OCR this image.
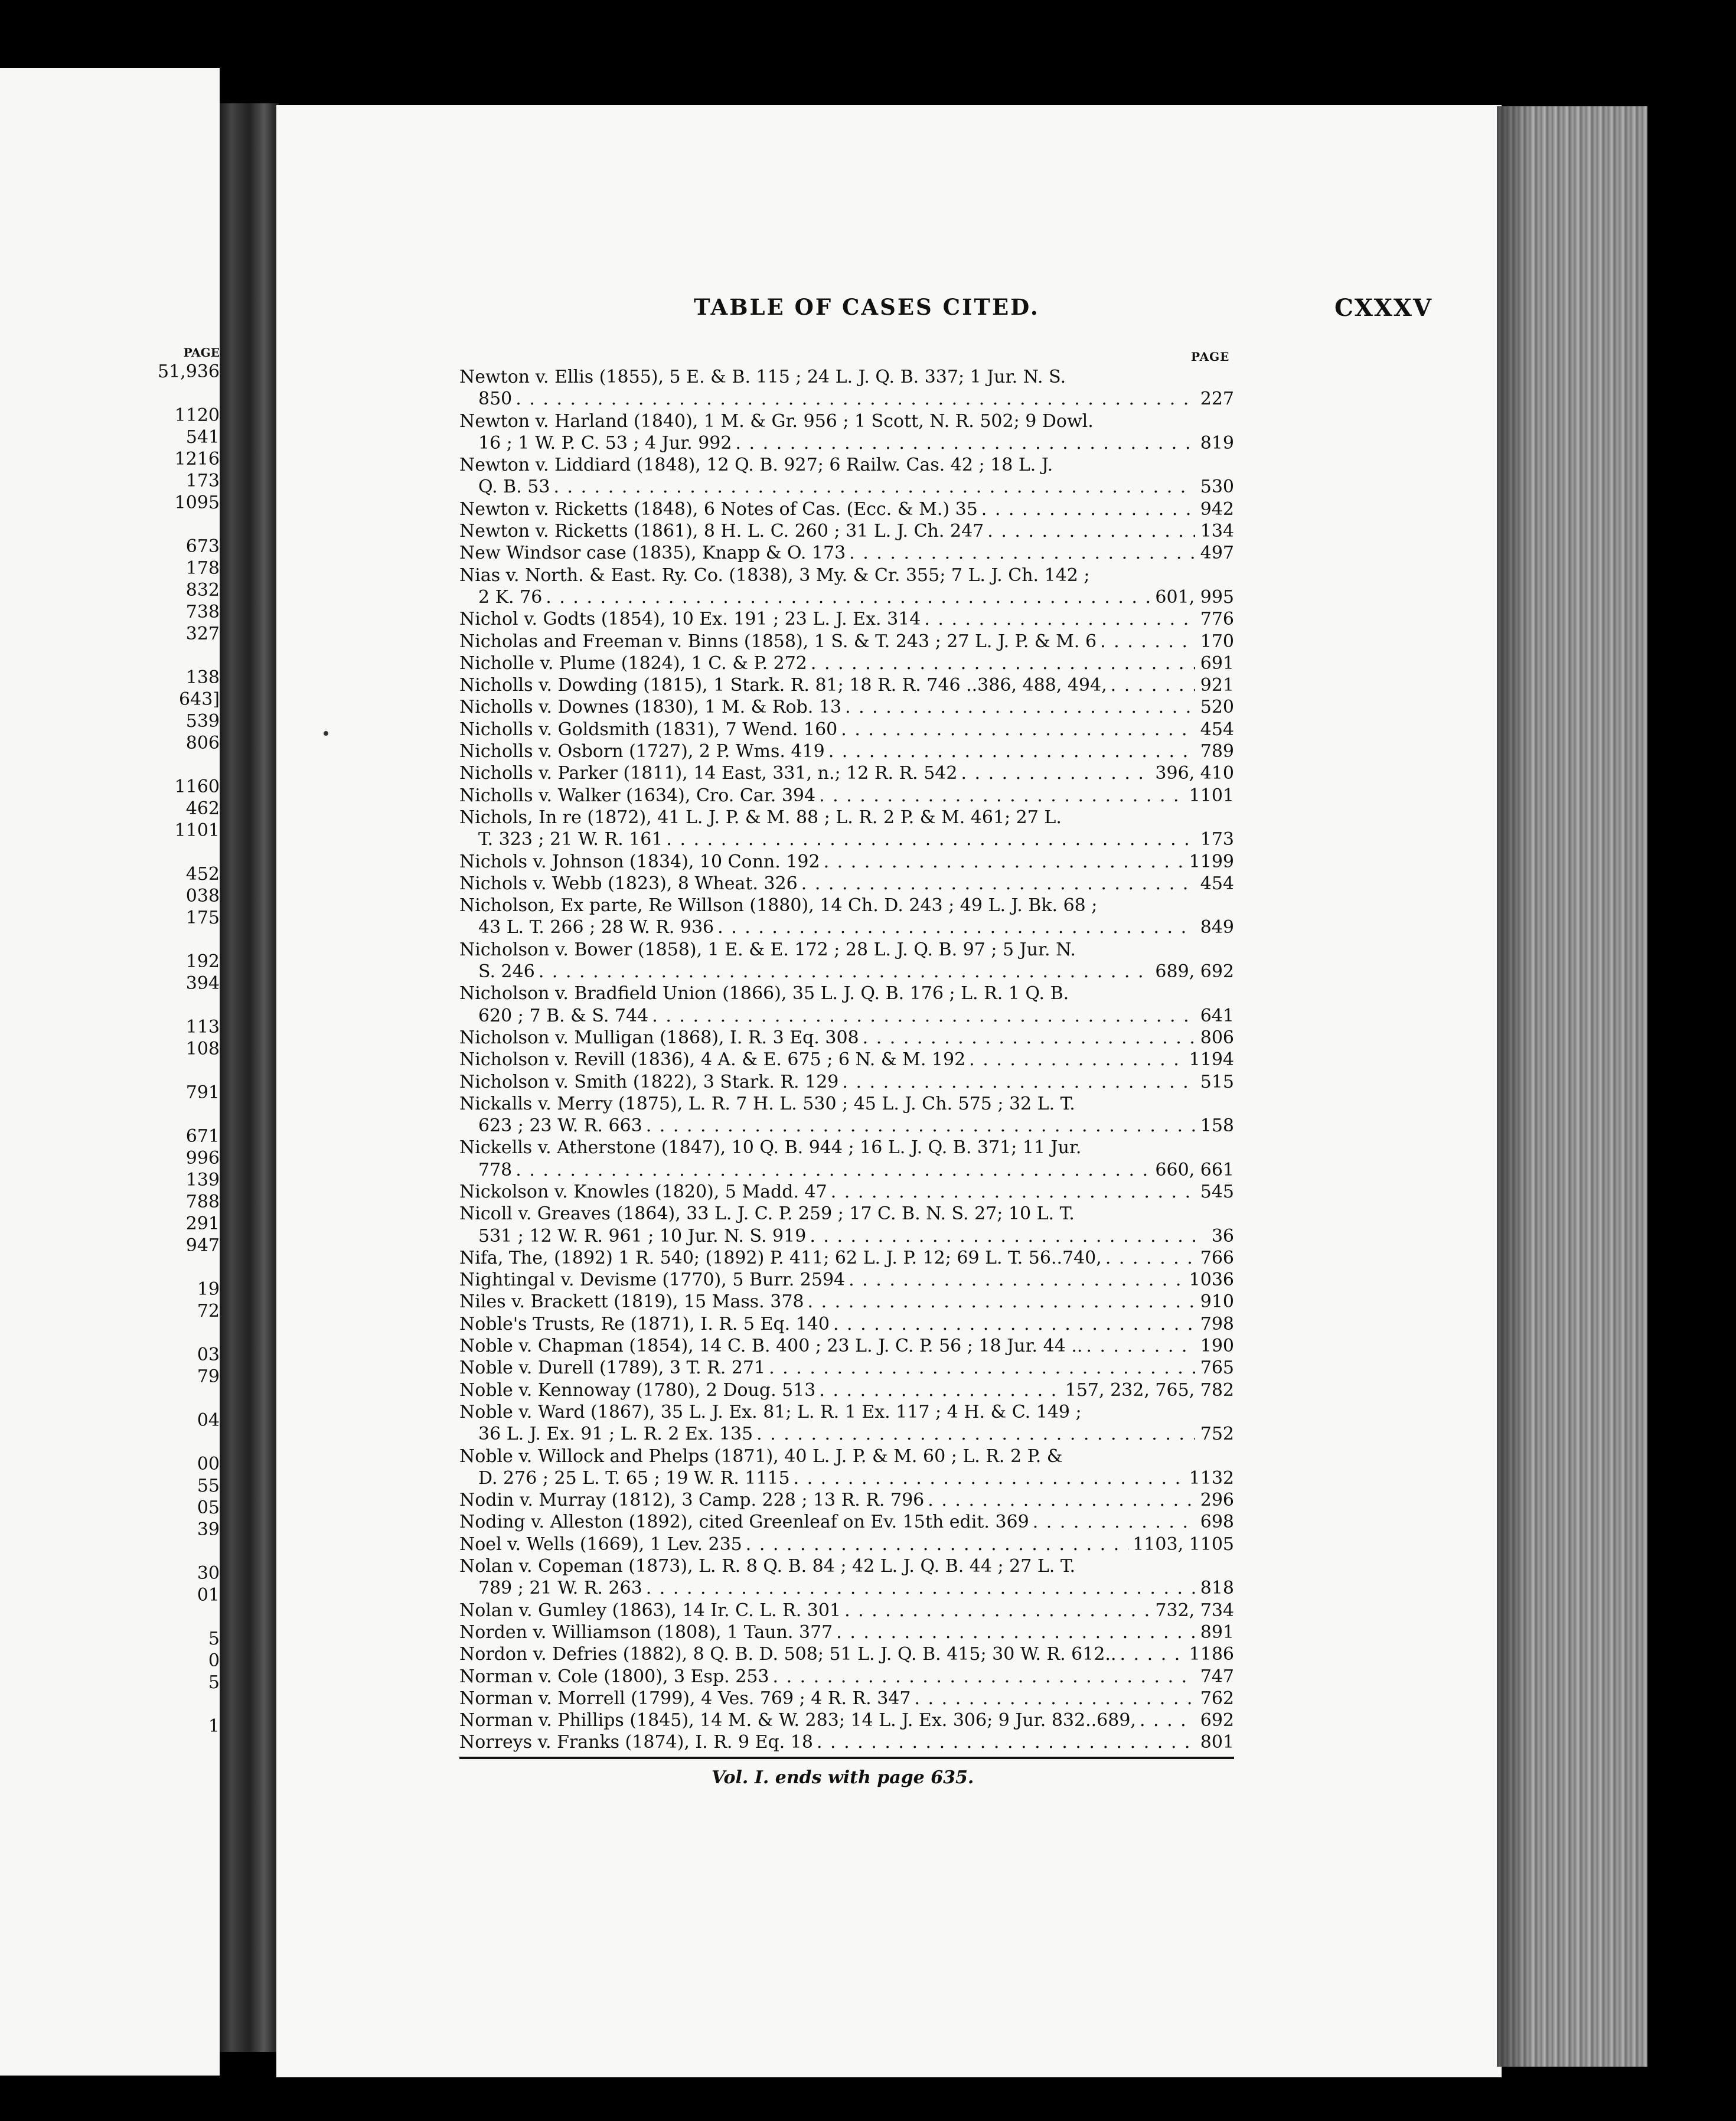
PAGE
51,936
1120
541
1216
173
1095
673
178
832
738
327
138
643]
539
806
1160
462
1101
452
038
175
192
394
113
108
791
671
996
139
788
291
947
19
72
03
79
04
00
55
05
39
30
01
5
0
5
1
TABLE OF CASES CITED.	CXXXV
PAGE
Newton v. Ellis (1855), 5 E. & B. 115 ; 24 L. J. Q. B. 337; 1 Jur. N. S.
850 . . .	227
Newton v. Harland (1840), 1 M. & Gr. 956 ; 1 Scott, N. R. 502; 9 Dowl.
16 ; 1 W. P. C. 53 ; 4 Jur. 992 . . .	819
Newton v. Liddiard (1848), 12 Q. B. 927; 6 Railw. Cas. 42 ; 18 L. J.
Q. B. 53 . . .	530
Newton v. Ricketts (1848), 6 Notes of Cas. (Ecc. & M.) 35 . . .	942
Newton v. Ricketts (1861), 8 H. L. C. 260 ; 31 L. J. Ch. 247 . . .	134
New Windsor case (1835), Knapp & O. 173 . . .	497
Nias v. North. & East. Ry. Co. (1838), 3 My. & Cr. 355; 7 L. J. Ch. 142 ;
2 K. 76 . . .	601, 995
Nichol v. Godts (1854), 10 Ex. 191 ; 23 L. J. Ex. 314 . . .	776
Nicholas and Freeman v. Binns (1858), 1 S. & T. 243 ; 27 L. J. P. & M. 6 . . .	170
Nicholle v. Plume (1824), 1 C. & P. 272 . . .	691
Nicholls v. Dowding (1815), 1 Stark. R. 81; 18 R. R. 746 ..386, 488, 494, . . .	921
Nicholls v. Downes (1830), 1 M. & Rob. 13 . . .	520
Nicholls v. Goldsmith (1831), 7 Wend. 160 . . .	454
Nicholls v. Osborn (1727), 2 P. Wms. 419 . . .	789
Nicholls v. Parker (1811), 14 East, 331, n.; 12 R. R. 542 . . .	396, 410
Nicholls v. Walker (1634), Cro. Car. 394 . . .	1101
Nichols, In re (1872), 41 L. J. P. & M. 88 ; L. R. 2 P. & M. 461; 27 L.
T. 323 ; 21 W. R. 161 . . .	173
Nichols v. Johnson (1834), 10 Conn. 192 . . .	1199
Nichols v. Webb (1823), 8 Wheat. 326 . . .	454
Nicholson, Ex parte, Re Willson (1880), 14 Ch. D. 243 ; 49 L. J. Bk. 68 ;
43 L. T. 266 ; 28 W. R. 936 . . .	849
Nicholson v. Bower (1858), 1 E. & E. 172 ; 28 L. J. Q. B. 97 ; 5 Jur. N.
S. 246 . . .	689, 692
Nicholson v. Bradfield Union (1866), 35 L. J. Q. B. 176 ; L. R. 1 Q. B.
620 ; 7 B. & S. 744 . . .	641
Nicholson v. Mulligan (1868), I. R. 3 Eq. 308 . . .	806
Nicholson v. Revill (1836), 4 A. & E. 675 ; 6 N. & M. 192 . . .	1194
Nicholson v. Smith (1822), 3 Stark. R. 129 . . .	515
Nickalls v. Merry (1875), L. R. 7 H. L. 530 ; 45 L. J. Ch. 575 ; 32 L. T.
623 ; 23 W. R. 663 . . .	158
Nickells v. Atherstone (1847), 10 Q. B. 944 ; 16 L. J. Q. B. 371; 11 Jur.
778 . . .	660, 661
Nickolson v. Knowles (1820), 5 Madd. 47 . . .	545
Nicoll v. Greaves (1864), 33 L. J. C. P. 259 ; 17 C. B. N. S. 27; 10 L. T.
531 ; 12 W. R. 961 ; 10 Jur. N. S. 919 . . .	36
Nifa, The, (1892) 1 R. 540; (1892) P. 411; 62 L. J. P. 12; 69 L. T. 56..740, . . .	766
Nightingal v. Devisme (1770), 5 Burr. 2594 . . .	1036
Niles v. Brackett (1819), 15 Mass. 378 . . .	910
Noble's Trusts, Re (1871), I. R. 5 Eq. 140 . . .	798
Noble v. Chapman (1854), 14 C. B. 400 ; 23 L. J. C. P. 56 ; 18 Jur. 44 .. . . .	190
Noble v. Durell (1789), 3 T. R. 271 . . .	765
Noble v. Kennoway (1780), 2 Doug. 513 . . .	157, 232, 765, 782
Noble v. Ward (1867), 35 L. J. Ex. 81; L. R. 1 Ex. 117 ; 4 H. & C. 149 ;
36 L. J. Ex. 91 ; L. R. 2 Ex. 135 . . .	752
Noble v. Willock and Phelps (1871), 40 L. J. P. & M. 60 ; L. R. 2 P. &
D. 276 ; 25 L. T. 65 ; 19 W. R. 1115 . . .	1132
Nodin v. Murray (1812), 3 Camp. 228 ; 13 R. R. 796 . . .	296
Noding v. Alleston (1892), cited Greenleaf on Ev. 15th edit. 369 . . .	698
Noel v. Wells (1669), 1 Lev. 235 . . .	1103, 1105
Nolan v. Copeman (1873), L. R. 8 Q. B. 84 ; 42 L. J. Q. B. 44 ; 27 L. T.
789 ; 21 W. R. 263 . . .	818
Nolan v. Gumley (1863), 14 Ir. C. L. R. 301 . . .	732, 734
Norden v. Williamson (1808), 1 Taun. 377 . . .	891
Nordon v. Defries (1882), 8 Q. B. D. 508; 51 L. J. Q. B. 415; 30 W. R. 612.. . . .	1186
Norman v. Cole (1800), 3 Esp. 253 . . .	747
Norman v. Morrell (1799), 4 Ves. 769 ; 4 R. R. 347 . . .	762
Norman v. Phillips (1845), 14 M. & W. 283; 14 L. J. Ex. 306; 9 Jur. 832..689, . . .	692
Norreys v. Franks (1874), I. R. 9 Eq. 18 . . .	801
Vol. I. ends with page 635.
